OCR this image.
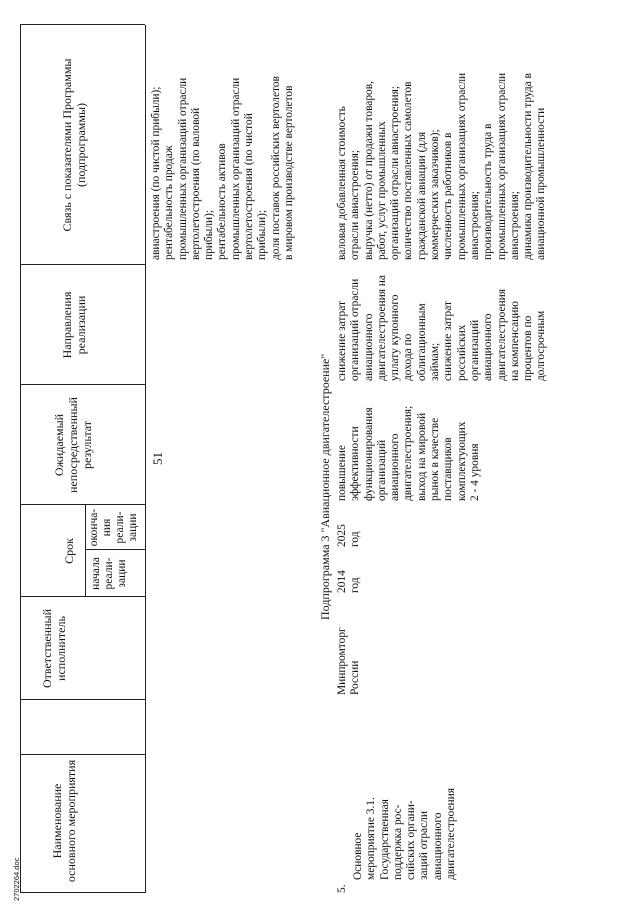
51
Ответственный
исполнитель
Срок
начала
реали-
зации
оконча-
ния
реали-
зации
Ожидаемый
непосредственный
результат
Направления
реализации
Связь с показателями Программы
(подпрограммы)
авиастроения (по чистой прибыли);
рентабельность продаж
промышленных организаций отрасли
вертолетостроения (по валовой
прибыли);
рентабельность активов
промышленных организаций отрасли
вертолетостроения (по чистой
прибыли);
доля поставок российских вертолетов
в мировом производстве вертолетов
Подпрограмма 3 "Авиационное двигателестроение"
5.
Минпромторг
России
2014
год
2025
год
повышение
эффективности
функционирования
организаций
авиационного
двигателестроения;
выход на мировой
рынок в качестве
поставщиков
комплектующих
2 - 4 уровня
снижение затрат
организаций отрасли
авиационного
двигателестроения на
уплату купонного
дохода по
облигационным
займам;
снижение затрат
российских
организаций
авиационного
двигателестроения
на компенсацию
процентов по
долгосрочным
валовая добавленная стоимость
отрасли авиастроения;
выручка (нетто) от продажи товаров,
работ, услуг промышленных
организаций отрасли авиастроения;
количество поставленных самолетов
гражданской авиации (для
коммерческих заказчиков);
численность работников в
промышленных организациях отрасли
авиастроения;
производительность труда в
промышленных организациях отрасли
авиастроения;
динамика производительности труда в
авиационной промышленности
Наименование
основного мероприятия
Основное
мероприятие 3.1.
Государственная
поддержка рос-
сийских органи-
заций отрасли
авиационного
двигателестроения
2702264.doc
